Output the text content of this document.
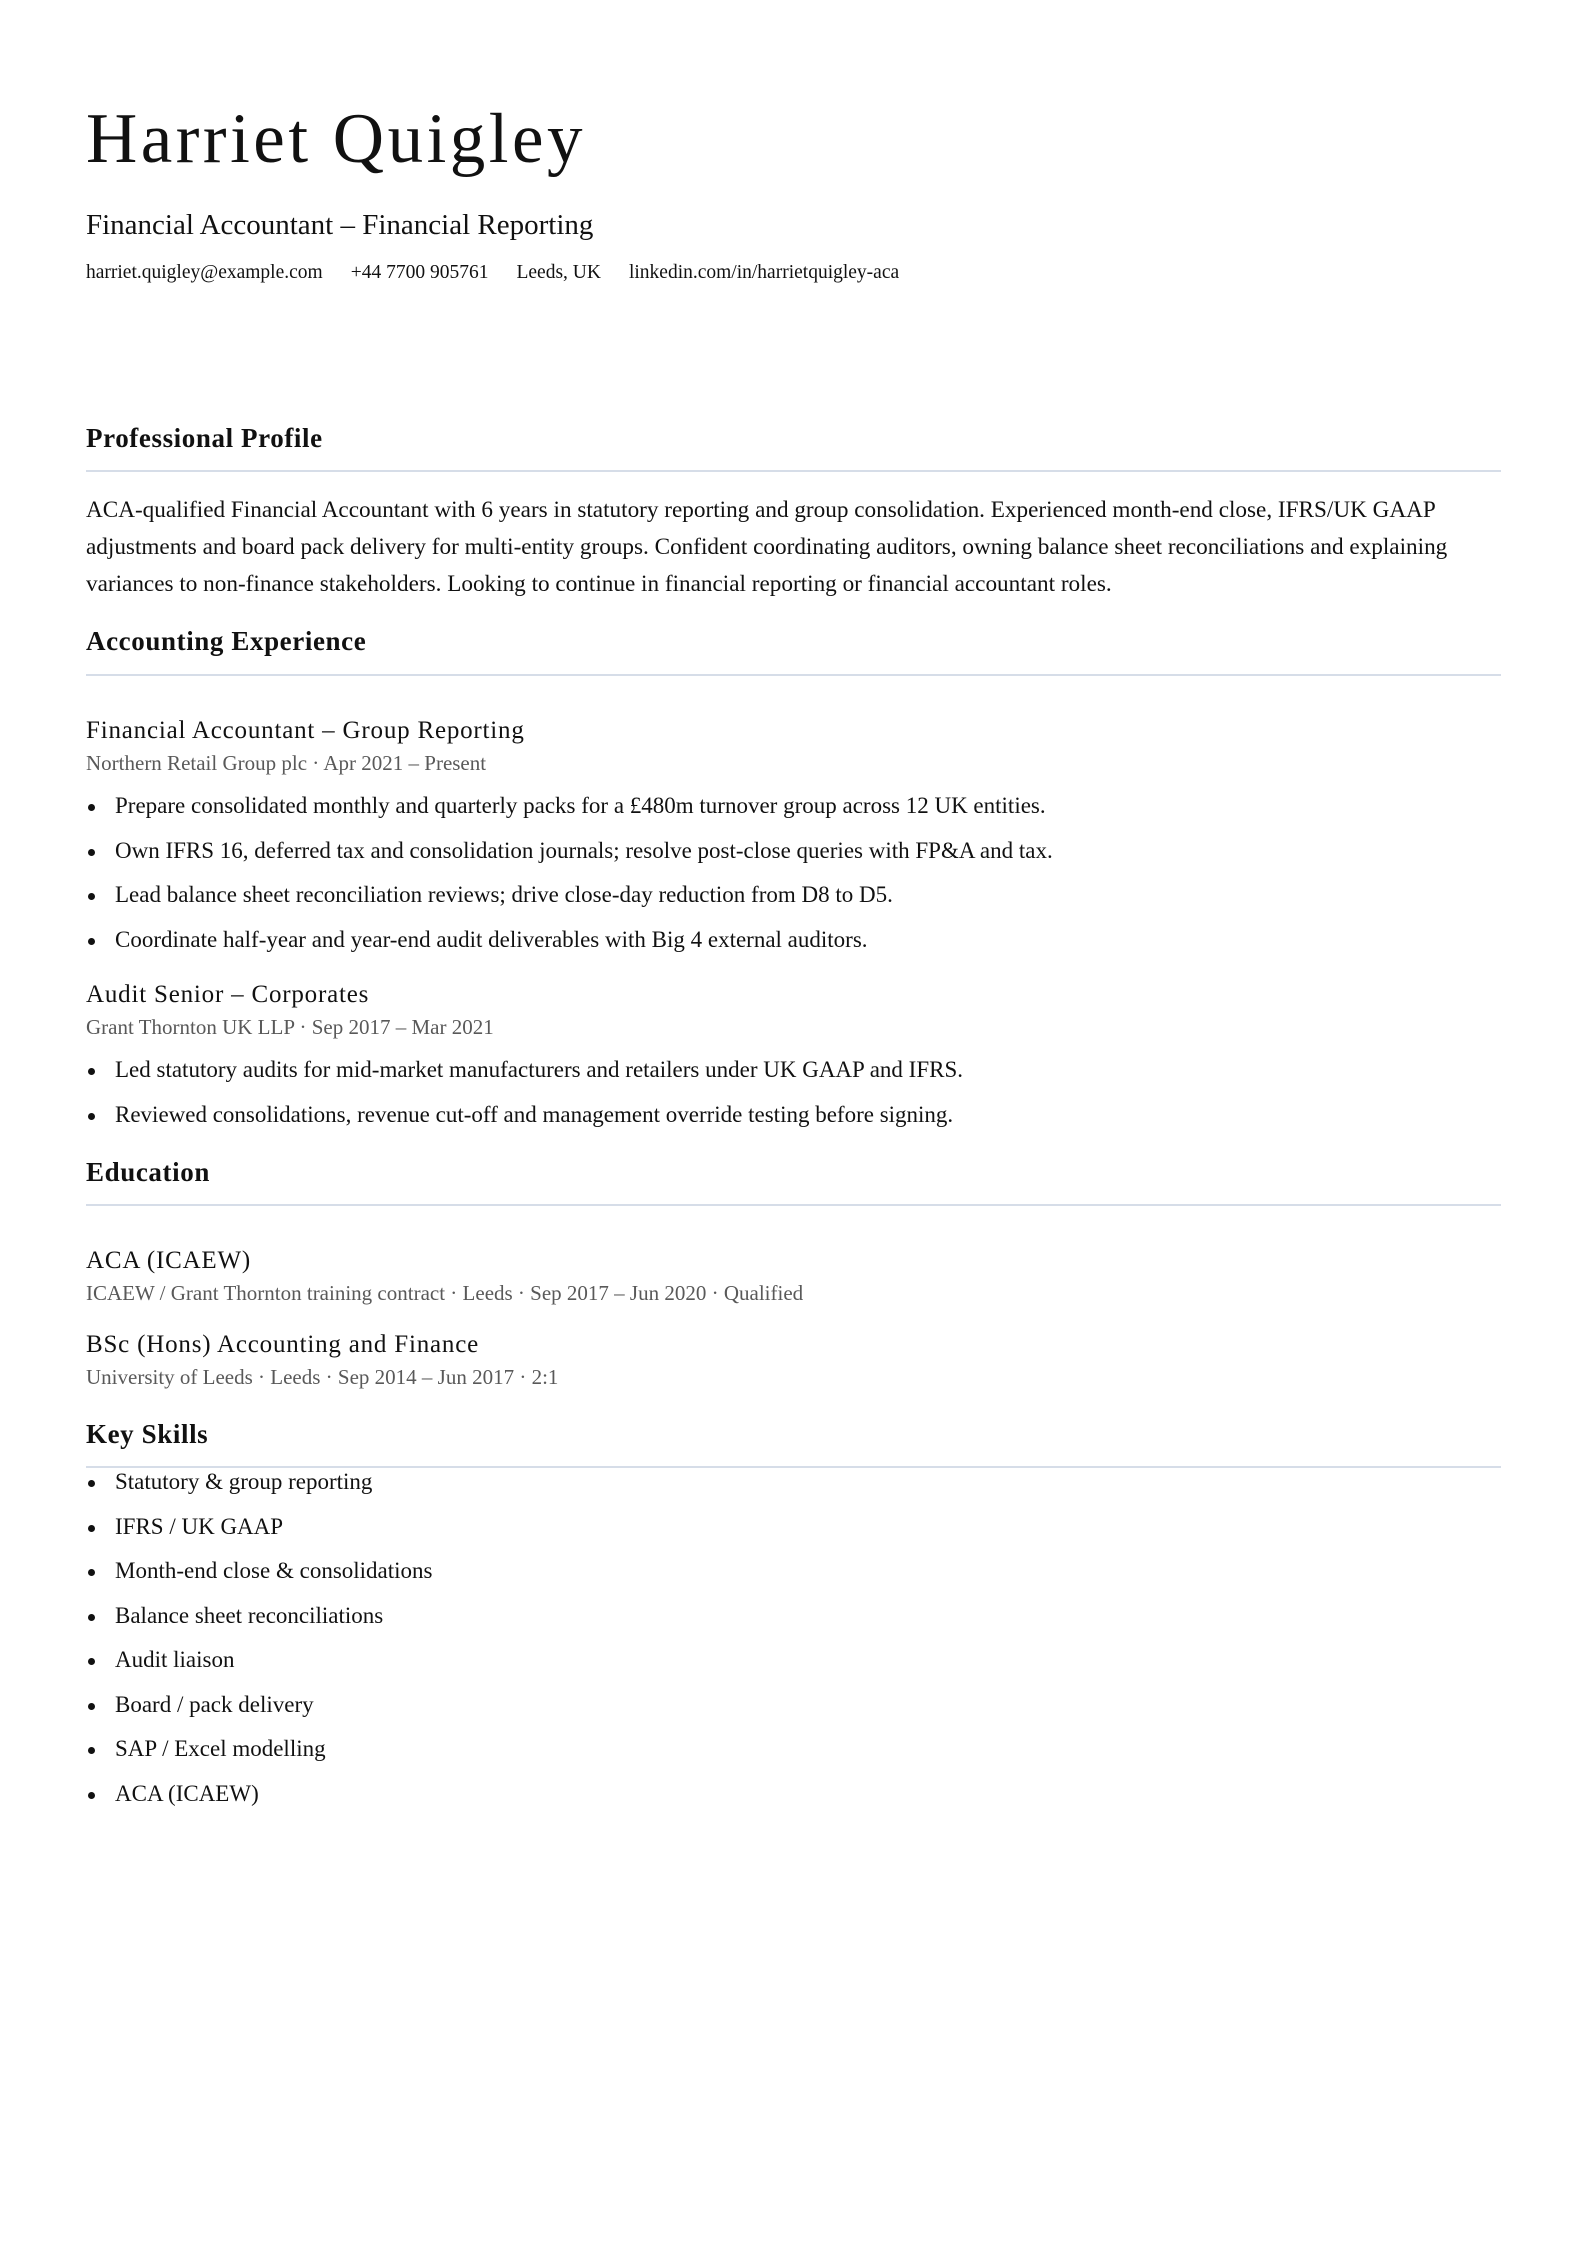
Harriet Quigley
Financial Accountant – Financial Reporting
harriet.quigley@example.com +44 7700 905761 Leeds, UK linkedin.com/in/harrietquigley-aca
Professional Profile

ACA-qualified Financial Accountant with 6 years in statutory reporting and group consolidation. Experienced month-end close, IFRS/UK GAAP adjustments and board pack delivery for multi-entity groups. Confident coordinating auditors, owning balance sheet reconciliations and explaining variances to non-finance stakeholders. Looking to continue in financial reporting or financial accountant roles.

Accounting Experience
Financial Accountant – Group Reporting
Northern Retail Group plc · Apr 2021 – Present
Prepare consolidated monthly and quarterly packs for a £480m turnover group across 12 UK entities.
Own IFRS 16, deferred tax and consolidation journals; resolve post-close queries with FP&A and tax.
Lead balance sheet reconciliation reviews; drive close-day reduction from D8 to D5.
Coordinate half-year and year-end audit deliverables with Big 4 external auditors.
Audit Senior – Corporates
Grant Thornton UK LLP · Sep 2017 – Mar 2021
Led statutory audits for mid-market manufacturers and retailers under UK GAAP and IFRS.
Reviewed consolidations, revenue cut-off and management override testing before signing.
Education
ACA (ICAEW)
ICAEW / Grant Thornton training contract · Leeds · Sep 2017 – Jun 2020 · Qualified
BSc (Hons) Accounting and Finance
University of Leeds · Leeds · Sep 2014 – Jun 2017 · 2:1
Key Skills
Statutory & group reporting
IFRS / UK GAAP
Month-end close & consolidations
Balance sheet reconciliations
Audit liaison
Board / pack delivery
SAP / Excel modelling
ACA (ICAEW)
